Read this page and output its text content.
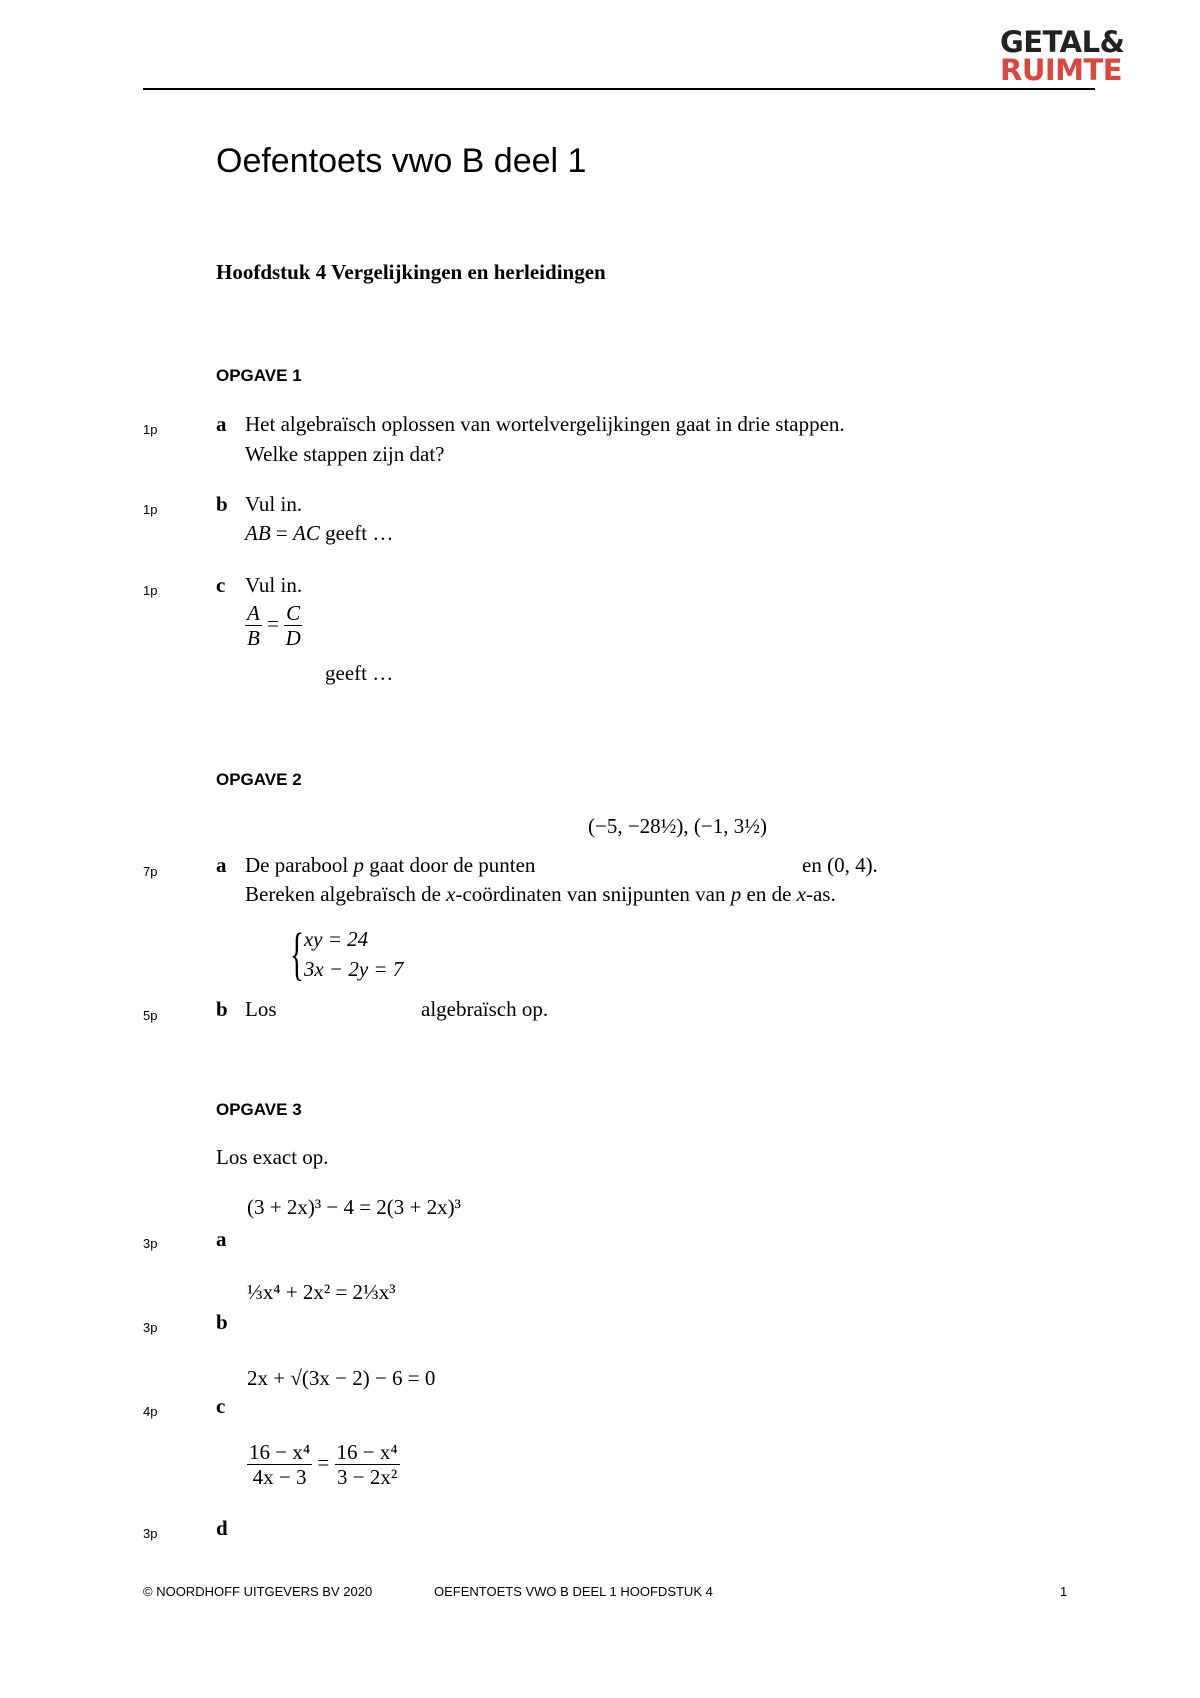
GETAL&
RUIMTE
Oefentoets vwo B deel 1
Hoofdstuk 4 Vergelijkingen en herleidingen
OPGAVE 1
1p	a Het algebraïsch oplossen van wortelvergelijkingen gaat in drie stappen.
Welke stappen zijn dat?
1p	b Vul in.
AB = AC geeft …
1p	c Vul in.
$\frac{A}{B} = \frac{C}{D}$
geeft …
OPGAVE 2
(−5, −28½), (−1, 3½)
7p	a De parabool p gaat door de punten	en (0, 4).
Bereken algebraïsch de x-coördinaten van snijpunten van p en de x-as.
{ xy = 24
3x − 2y = 7
5p	b Los	algebraïsch op.
OPGAVE 3
Los exact op.
(3 + 2x)³ − 4 = 2(3 + 2x)³
3p	a
⅓x⁴ + 2x² = 2⅓x³
3p	b
2x + √(3x − 2) − 6 = 0
4p	c
$\frac{\text{16 − x⁴}}{4x - 3} = \frac{\text{16 − x⁴}}{\text{3 − 2x²}}$
3p	d
© NOORDHOFF UITGEVERS BV 2020	OEFENTOETS VWO B DEEL 1 HOOFDSTUK 4	1
